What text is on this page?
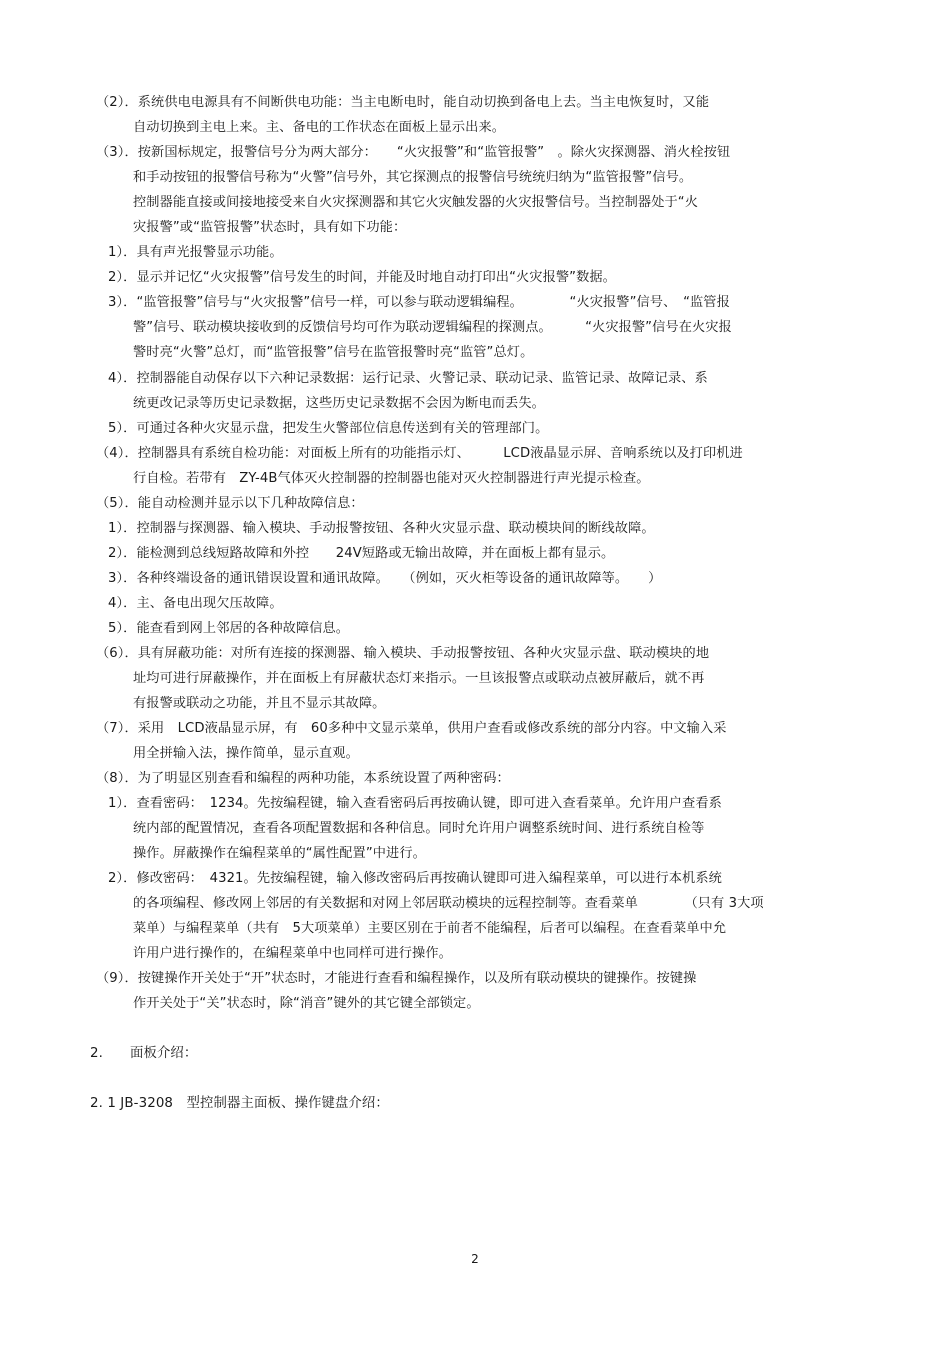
（2）．系统供电电源具有不间断供电功能：当主电断电时，能自动切换到备电上去。当主电恢复时，又能
自动切换到主电上来。主、备电的工作状态在面板上显示出来。
（3）．按新国标规定，报警信号分为两大部分：　　“火灾报警”和“监管报警”　。除火灾探测器、消火栓按钮
和手动按钮的报警信号称为“火警”信号外，其它探测点的报警信号统统归纳为“监管报警”信号。
控制器能直接或间接地接受来自火灾探测器和其它火灾触发器的火灾报警信号。当控制器处于“火
灾报警”或“监管报警”状态时，具有如下功能：
1）．具有声光报警显示功能。
2）．显示并记忆“火灾报警”信号发生的时间，并能及时地自动打印出“火灾报警”数据。
3）．“监管报警”信号与“火灾报警”信号一样，可以参与联动逻辑编程。　　　　“火灾报警”信号、　“监管报
警”信号、联动模块接收到的反馈信号均可作为联动逻辑编程的探测点。　　　“火灾报警”信号在火灾报
警时亮“火警”总灯，而“监管报警”信号在监管报警时亮“监管”总灯。
4）．控制器能自动保存以下六种记录数据：运行记录、火警记录、联动记录、监管记录、故障记录、系
统更改记录等历史记录数据，这些历史记录数据不会因为断电而丢失。
5）．可通过各种火灾显示盘，把发生火警部位信息传送到有关的管理部门。
（4）．控制器具有系统自检功能：对面板上所有的功能指示灯、　　　LCD液晶显示屏、音响系统以及打印机进
行自检。若带有　ZY-4B气体灭火控制器的控制器也能对灭火控制器进行声光提示检查。
（5）．能自动检测并显示以下几种故障信息：
1）．控制器与探测器、输入模块、手动报警按钮、各种火灾显示盘、联动模块间的断线故障。
2）．能检测到总线短路故障和外控　　24V短路或无输出故障，并在面板上都有显示。
3）．各种终端设备的通讯错误设置和通讯故障。　　（例如，灭火柜等设备的通讯故障等。　　）
4）．主、备电出现欠压故障。
5）．能查看到网上邻居的各种故障信息。
（6）．具有屏蔽功能：对所有连接的探测器、输入模块、手动报警按钮、各种火灾显示盘、联动模块的地
址均可进行屏蔽操作，并在面板上有屏蔽状态灯来指示。一旦该报警点或联动点被屏蔽后，就不再
有报警或联动之功能，并且不显示其故障。
（7）．采用　LCD液晶显示屏，有　60多种中文显示菜单，供用户查看或修改系统的部分内容。中文输入采
用全拼输入法，操作简单，显示直观。
（8）．为了明显区别查看和编程的两种功能，本系统设置了两种密码：
1）．查看密码：　1234。先按编程键，输入查看密码后再按确认键，即可进入查看菜单。允许用户查看系
统内部的配置情况，查看各项配置数据和各种信息。同时允许用户调整系统时间、进行系统自检等
操作。屏蔽操作在编程菜单的“属性配置”中进行。
2）．修改密码：　4321。先按编程键，输入修改密码后再按确认键即可进入编程菜单，可以进行本机系统
的各项编程、修改网上邻居的有关数据和对网上邻居联动模块的远程控制等。查看菜单　　　　（只有 3大项
菜单）与编程菜单（共有　5大项菜单）主要区别在于前者不能编程，后者可以编程。在查看菜单中允
许用户进行操作的，在编程菜单中也同样可进行操作。
（9）．按键操作开关处于“开”状态时，才能进行查看和编程操作，以及所有联动模块的键操作。按键操
作开关处于“关”状态时，除“消音”键外的其它键全部锁定。
2.　　面板介绍：
2. 1 JB-3208　型控制器主面板、操作键盘介绍：
2
